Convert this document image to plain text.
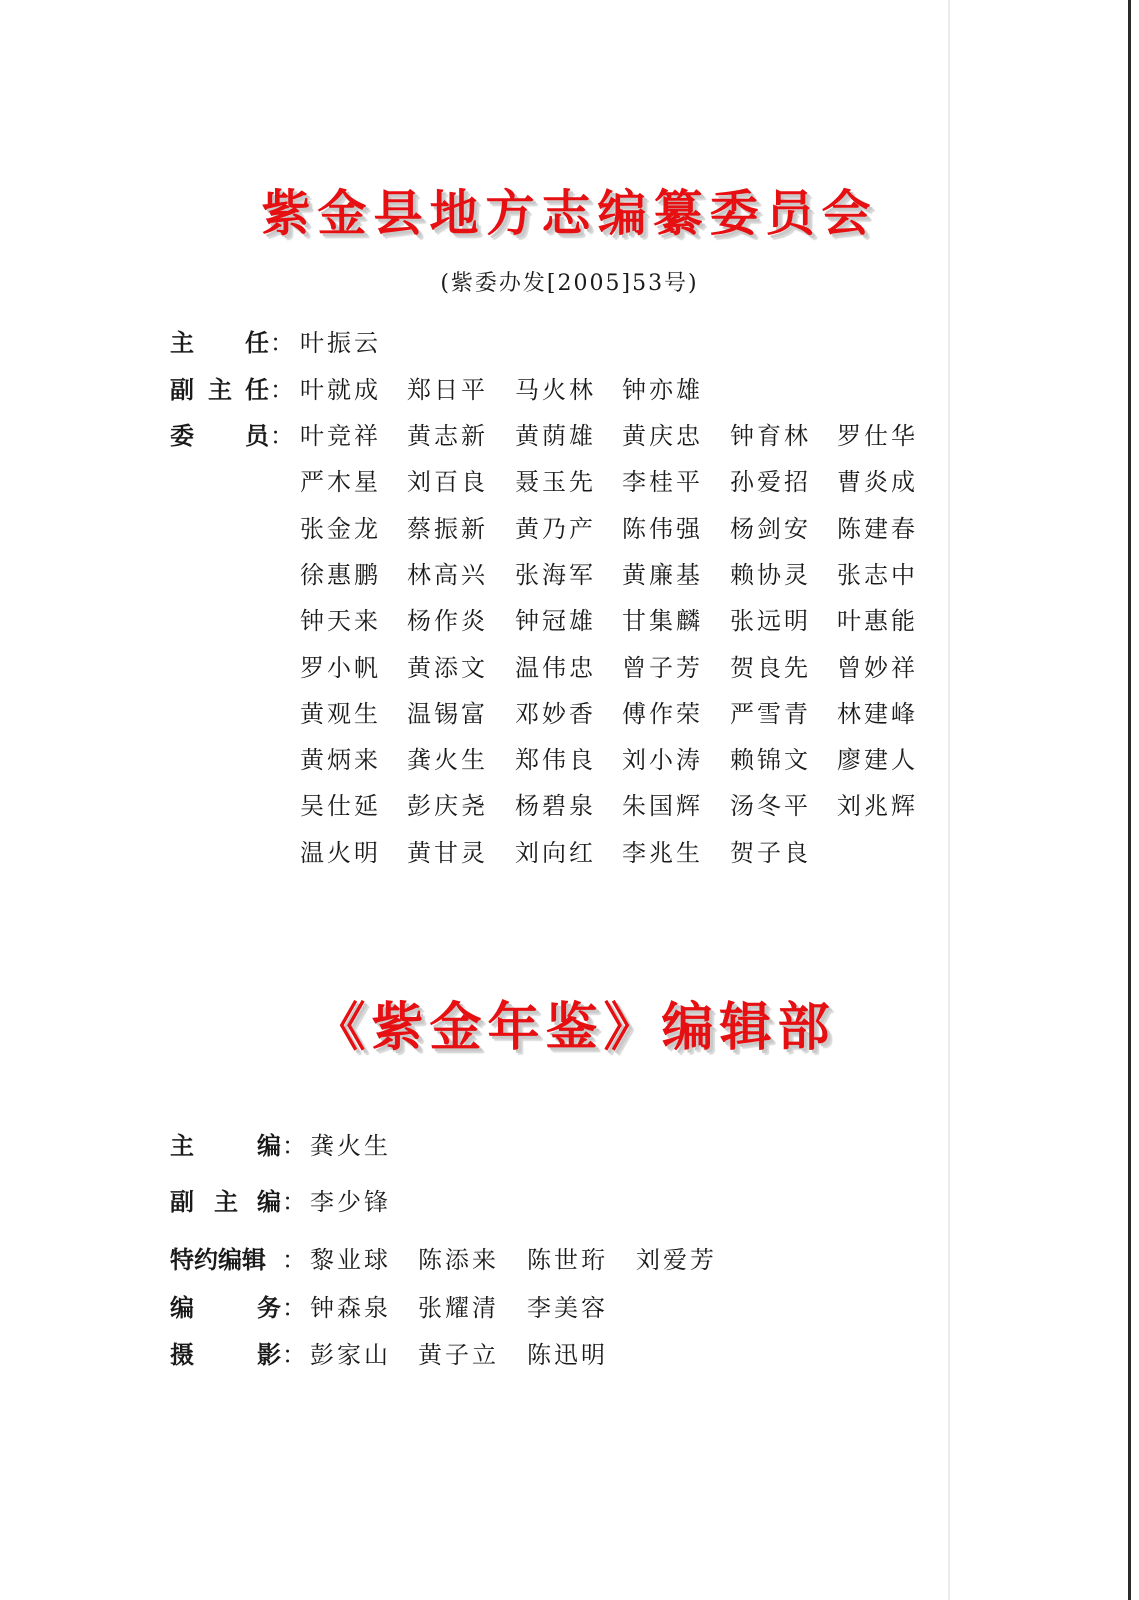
紫金县地方志编纂委员会
(紫委办发[2005]53号)
主 任 ： 叶振云
副 主 任 ： 叶就成 郑日平 马火林 钟亦雄
委 员 ： 叶竞祥 黄志新 黄荫雄 黄庆忠 钟育林 罗仕华
严木星 刘百良 聂玉先 李桂平 孙爱招 曹炎成
张金龙 蔡振新 黄乃产 陈伟强 杨剑安 陈建春
徐惠鹏 林高兴 张海军 黄廉基 赖协灵 张志中
钟天来 杨作炎 钟冠雄 甘集麟 张远明 叶惠能
罗小帆 黄添文 温伟忠 曾子芳 贺良先 曾妙祥
黄观生 温锡富 邓妙香 傅作荣 严雪青 林建峰
黄炳来 龚火生 郑伟良 刘小涛 赖锦文 廖建人
吴仕延 彭庆尧 杨碧泉 朱国辉 汤冬平 刘兆辉
温火明 黄甘灵 刘向红 李兆生 贺子良
《紫金年鉴》编辑部
主	编 ： 龚火生
副 主 编 ： 李少锋
特约编辑 ： 黎业球 陈添来 陈世珩 刘爱芳
编	务 ： 钟森泉 张耀清 李美容
摄	影 ： 彭家山 黄子立 陈迅明
